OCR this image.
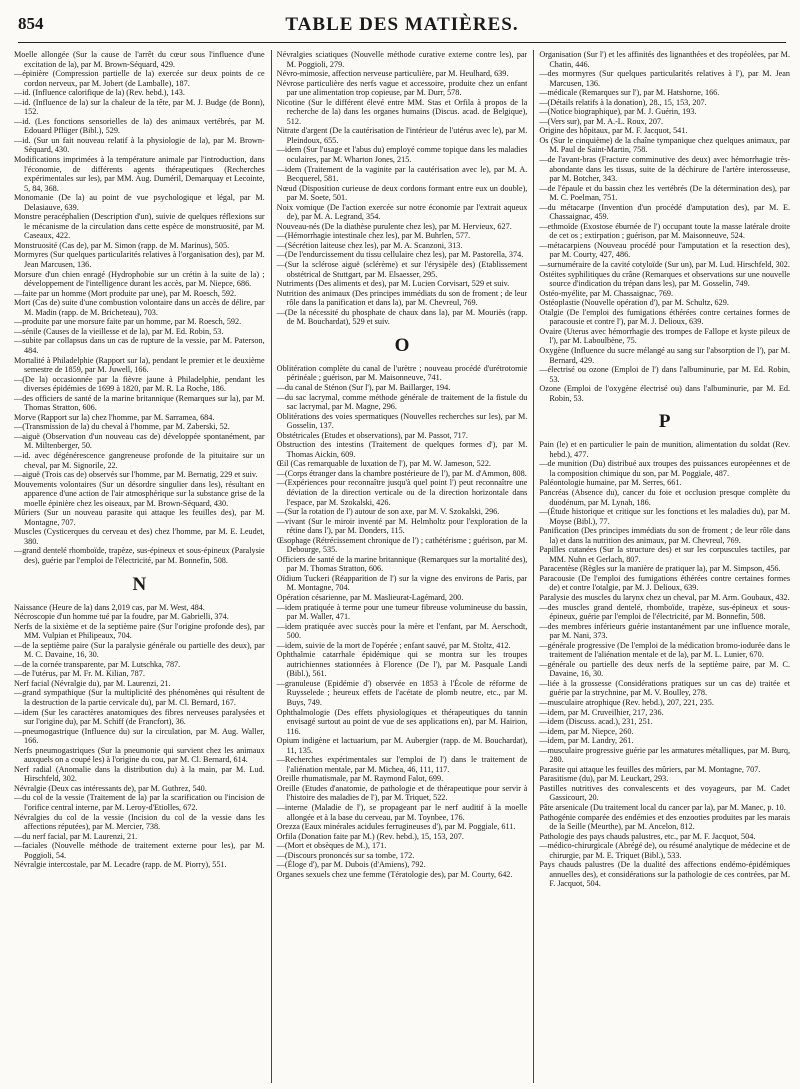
854	TABLE DES MATIÈRES.

Moelle allongée (Sur la cause de l'arrêt du cœur sous l'influence d'une excitation de la), par M. Brown-Séquard, 429.

—épinière (Compression partielle de la) exercée sur deux points de ce cordon nerveux, par M. Jobert (de Lamballe), 187.

—id. (Influence calorifique de la) (Rev. hebd.), 143.

—id. (Influence de la) sur la chaleur de la tête, par M. J. Budge (de Bonn), 152.

—id. (Les fonctions sensorielles de la) des animaux vertébrés, par M. Edouard Pflüger (Bibl.), 529.

—id. (Sur un fait nouveau relatif à la physiologie de la), par M. Brown-Séquard, 430.

Modifications imprimées à la température animale par l'introduction, dans l'économie, de différents agents thérapeutiques (Recherches expérimentales sur les), par MM. Aug. Duméril, Demarquay et Lecointe, 5, 84, 368.

Monomanie (De la) au point de vue psychologique et légal, par M. Delasiauve, 639.

Monstre peracéphalien (Description d'un), suivie de quelques réflexions sur le mécanisme de la circulation dans cette espèce de monstruosité, par M. Caseaux, 422.

Monstruosité (Cas de), par M. Simon (rapp. de M. Marinus), 505.

Mormyres (Sur quelques particularités relatives à l'organisation des), par M. Jean Marcusen, 136.

Morsure d'un chien enragé (Hydrophobie sur un crétin à la suite de la) ; développement de l'intelligence durant les accès, par M. Niepce, 686.

—faite par un homme (Mort produite par une), par M. Roesch, 592.

Mort (Cas de) suite d'une combustion volontaire dans un accès de délire, par M. Madin (rapp. de M. Bricheteau), 703.

—produite par une morsure faite par un homme, par M. Roesch, 592.

—sénile (Causes de la vieillesse et de la), par M. Ed. Robin, 53.

—subite par collapsus dans un cas de rupture de la vessie, par M. Paterson, 484.

Mortalité à Philadelphie (Rapport sur la), pendant le premier et le deuxième semestre de 1859, par M. Juwell, 166.

—(De la) occasionnée par la fièvre jaune à Philadelphie, pendant les diverses épidémies de 1699 à 1820, par M. R. La Roche, 186.

—des officiers de santé de la marine britannique (Remarques sur la), par M. Thomas Stratton, 606.

Morve (Rapport sur la) chez l'homme, par M. Sarramea, 684.

—(Transmission de la) du cheval à l'homme, par M. Zaberski, 52.

—aiguë (Observation d'un nouveau cas de) développée spontanément, par M. Miltenberger, 50.

—id. avec dégénérescence gangreneuse profonde de la pituitaire sur un cheval, par M. Signorile, 22.

—aiguë (Trois cas de) observés sur l'homme, par M. Bernatig, 229 et suiv.

Mouvements volontaires (Sur un désordre singulier dans les), résultant en apparence d'une action de l'air atmosphérique sur la substance grise de la moelle épinière chez les oiseaux, par M. Brown-Séquard, 430.

Mûriers (Sur un nouveau parasite qui attaque les feuilles des), par M. Montagne, 707.

Muscles (Cysticerques du cerveau et des) chez l'homme, par M. E. Leudet, 380.

—grand dentelé rhomboïde, trapèze, sus-épineux et sous-épineux (Paralysie des), guérie par l'emploi de l'électricité, par M. Bonnefin, 508.

N

Naissance (Heure de la) dans 2,019 cas, par M. West, 484.

Nécroscopie d'un homme tué par la foudre, par M. Gabrielli, 374.

Nerfs de la sixième et de la septième paire (Sur l'origine profonde des), par MM. Vulpian et Philipeaux, 704.

—de la septième paire (Sur la paralysie générale ou partielle des deux), par M. C. Davaine, 16, 30.

—de la cornée transparente, par M. Lutschka, 787.

—de l'utérus, par M. Fr. M. Kilian, 787.

Nerf facial (Névralgie du), par M. Laurenzi, 21.

—grand sympathique (Sur la multiplicité des phénomènes qui résultent de la destruction de la partie cervicale du), par M. Cl. Bernard, 167.

—idem (Sur les caractères anatomiques des fibres nerveuses paralysées et sur l'origine du), par M. Schiff (de Francfort), 36.

—pneumogastrique (Influence du) sur la circulation, par M. Aug. Waller, 166.

Nerfs pneumogastriques (Sur la pneumonie qui survient chez les animaux auxquels on a coupé les) à l'origine du cou, par M. Cl. Bernard, 614.

Nerf radial (Anomalie dans la distribution du) à la main, par M. Lud. Hirschfeld, 302.

Névralgie (Deux cas intéressants de), par M. Guthrez, 540.

—du col de la vessie (Traitement de la) par la scarification ou l'incision de l'orifice central interne, par M. Leroy-d'Etiolles, 672.

Névralgies du col de la vessie (Incision du col de la vessie dans les affections réputées), par M. Mercier, 738.

—du nerf facial, par M. Laurenzi, 21.

—faciales (Nouvelle méthode de traitement externe pour les), par M. Poggioli, 54.

Névralgie intercostale, par M. Lecadre (rapp. de M. Piorry), 551.

Névralgies sciatiques (Nouvelle méthode curative externe contre les), par M. Poggioli, 279.

Névro-mimosie, affection nerveuse particulière, par M. Heulhard, 639.

Névrose particulière des nerfs vague et accessoire, produite chez un enfant par une alimentation trop copieuse, par M. Durr, 578.

Nicotine (Sur le différent élevé entre MM. Stas et Orfila à propos de la recherche de la) dans les organes humains (Discus. acad. de Belgique), 512.

Nitrate d'argent (De la cautérisation de l'intérieur de l'utérus avec le), par M. Pleindoux, 655.

—idem (Sur l'usage et l'abus du) employé comme topique dans les maladies oculaires, par M. Wharton Jones, 215.

—idem (Traitement de la vaginite par la cautérisation avec le), par M. A. Becquerel, 581.

Nœud (Disposition curieuse de deux cordons formant entre eux un double), par M. Soete, 501.

Noix vomique (De l'action exercée sur notre économie par l'extrait aqueux de), par M. A. Legrand, 354.

Nouveau-nés (De la diathèse purulente chez les), par M. Hervieux, 627.

—(Hémorrhagie intestinale chez les), par M. Buhrlen, 577.

—(Sécrétion laiteuse chez les), par M. A. Scanzoni, 313.

—(De l'endurcissement du tissu cellulaire chez les), par M. Pastorella, 374.

—(Sur la sclérose aiguë (sclérème) et sur l'érysipèle des) (Etablissement obstétrical de Stuttgart, par M. Elsaesser, 295.

Nutriments (Des aliments et des), par M. Lucien Corvisart, 529 et suiv.

Nutrition des animaux (Des principes immédiats du son de froment ; de leur rôle dans la panification et dans la), par M. Chevreul, 769.

—(De la nécessité du phosphate de chaux dans la), par M. Mouriès (rapp. de M. Bouchardat), 529 et suiv.

O

Oblitération complète du canal de l'urètre ; nouveau procédé d'urétrotomie périnéale ; guérison, par M. Maisonneuve, 741.

—du canal de Sténon (Sur l'), par M. Baillarger, 194.

—du sac lacrymal, comme méthode générale de traitement de la fistule du sac lacrymal, par M. Magne, 296.

Oblitérations des voies spermatiques (Nouvelles recherches sur les), par M. Gosselin, 137.

Obstétricales (Etudes et observations), par M. Passot, 717.

Obstruction des intestins (Traitement de quelques formes d'), par M. Thomas Aickin, 609.

Œil (Cas remarquable de luxation de l'), par M. W. Jameson, 522.

—(Corps étranger dans la chambre postérieure de l'), par M. d'Ammon, 808.

—(Expériences pour reconnaître jusqu'à quel point l') peut reconnaître une déviation de la direction verticale ou de la direction horizontale dans l'espace, par M. Szokalski, 426.

—(Sur la rotation de l') autour de son axe, par M. V. Szokalski, 296.

—vivant (Sur le miroir inventé par M. Helmholtz pour l'exploration de la rétine dans l'), par M. Donders, 115.

Œsophage (Rétrécissement chronique de l') ; cathétérisme ; guérison, par M. Debourge, 535.

Officiers de santé de la marine britannique (Remarques sur la mortalité des), par M. Thomas Stratton, 606.

Oïdium Tuckeri (Réapparition de l') sur la vigne des environs de Paris, par M. Montagne, 704.

Opération césarienne, par M. Maslieurat-Lagémard, 200.

—idem pratiquée à terme pour une tumeur fibreuse volumineuse du bassin, par M. Waller, 471.

—idem pratiquée avec succès pour la mère et l'enfant, par M. Aerschodt, 500.

—idem, suivie de la mort de l'opérée ; enfant sauvé, par M. Stoltz, 412.

Ophthalmie catarrhale épidémique qui se montra sur les troupes autrichiennes stationnées à Florence (De l'), par M. Pasquale Landi (Bibl.), 561.

—granuleuse (Epidémie d') observée en 1853 à l'École de réforme de Ruysselede ; heureux effets de l'acétate de plomb neutre, etc., par M. Buys, 749.

Ophthalmologie (Des effets physiologiques et thérapeutiques du tannin envisagé surtout au point de vue de ses applications en), par M. Hairion, 116.

Opium indigène et lactuarium, par M. Aubergier (rapp. de M. Bouchardat), 11, 135.

—Recherches expérimentales sur l'emploi de l') dans le traitement de l'aliénation mentale, par M. Michea, 46, 111, 117.

Oreille rhumatismale, par M. Raymond Falot, 699.

Oreille (Etudes d'anatomie, de pathologie et de thérapeutique pour servir à l'histoire des maladies de l'), par M. Triquet, 522.

—interne (Maladie de l'), se propageant par le nerf auditif à la moelle allongée et à la base du cerveau, par M. Toynbee, 176.

Orezza (Eaux minérales acidules ferrugineuses d'), par M. Poggiale, 611.

Orfila (Donation faite par M.) (Rev. hebd.), 15, 153, 207.

—(Mort et obsèques de M.), 171.

—(Discours prononcés sur sa tombe, 172.

—(Éloge d'), par M. Dubois (d'Amiens), 792.

Organes sexuels chez une femme (Tératologie des), par M. Courty, 642.

Organisation (Sur l') et les affinités des lignanthées et des tropéolées, par M. Chatin, 446.

—des mormyres (Sur quelques particularités relatives à l'), par M. Jean Marcusen, 136.

—médicale (Remarques sur l'), par M. Hatshorne, 166.

—(Détails relatifs à la donation), 28., 15, 153, 207.

—(Notice biographique), par M. J. Guérin, 193.

—(Vers sur), par M. A.-L. Roux, 207.

Origine des hôpitaux, par M. F. Jacquot, 541.

Os (Sur le cinquième) de la chaîne tympanique chez quelques animaux, par M. Paul de Saint-Martin, 758.

—de l'avant-bras (Fracture comminutive des deux) avec hémorrhagie très-abondante dans les tissus, suite de la déchirure de l'artère interosseuse, par M. Botcher, 343.

—de l'épaule et du bassin chez les vertébrés (De la détermination des), par M. C. Poelman, 751.

—du métacarpe (Invention d'un procédé d'amputation des), par M. E. Chassaignac, 459.

—ethmoïde (Exostose éburnée de l') occupant toute la masse latérale droite de cet os ; extirpation ; guérison, par M. Maisonneuve, 524.

—métacarpiens (Nouveau procédé pour l'amputation et la resection des), par M. Courty, 427, 486.

—surnuméraire de la cavité cotyloïde (Sur un), par M. Lud. Hirschfeld, 302.

Ostéites syphilitiques du crâne (Remarques et observations sur une nouvelle source d'indication du trépan dans les), par M. Gosselin, 749.

Ostéo-myélite, par M. Chassaignac, 769.

Ostéoplastie (Nouvelle opération d'), par M. Schultz, 629.

Otalgie (De l'emploi des fumigations éthérées contre certaines formes de paracousie et contre l'), par M. J. Delioux, 639.

Ovaire (Uterus avec hémorrhagie des trompes de Fallope et kyste pileux de l'), par M. Laboulbène, 75.

Oxygène (Influence du sucre mélangé au sang sur l'absorption de l'), par M. Bernard, 429.

—électrisé ou ozone (Emploi de l') dans l'albuminurie, par M. Ed. Robin, 53.

Ozone (Emploi de l'oxygène électrisé ou) dans l'albuminurie, par M. Ed. Robin, 53.

P

Pain (le) et en particulier le pain de munition, alimentation du soldat (Rev. hebd.), 477.

—de munition (Du) distribué aux troupes des puissances européennes et de la composition chimique du son, par M. Poggiale, 487.

Paléontologie humaine, par M. Serres, 661.

Pancréas (Absence du), cancer du foie et occlusion presque complète du duodénum, par M. Lynah, 186.

—(Étude historique et critique sur les fonctions et les maladies du), par M. Moyse (Bibl.), 77.

Panification (Des principes immédiats du son de froment ; de leur rôle dans la) et dans la nutrition des animaux, par M. Chevreul, 769.

Papilles cutanées (Sur la structure des) et sur les corpuscules tactiles, par MM. Nuhn et Gerlach, 807.

Paracentèse (Règles sur la manière de pratiquer la), par M. Simpson, 456.

Paracousie (De l'emploi des fumigations éthérées contre certaines formes de) et contre l'otalgie, par M. J. Delioux, 639.

Paralysie des muscles du larynx chez un cheval, par M. Arm. Goubaux, 432.

—des muscles grand dentelé, rhomboïde, trapèze, sus-épineux et sous-épineux, guérie par l'emploi de l'électricité, par M. Bonnefin, 508.

—des membres inférieurs guérie instantanément par une influence morale, par M. Nani, 373.

—générale progressive (De l'emploi de la médication bromo-iodurée dans le traitement de l'aliénation mentale et de la), par M. L. Lunier, 670.

—générale ou partielle des deux nerfs de la septième paire, par M. C. Davaine, 16, 30.

—liée à la grossesse (Considérations pratiques sur un cas de) traitée et guérie par la strychnine, par M. V. Boulley, 278.

—musculaire atrophique (Rev. hebd.), 207, 221, 235.

—idem, par M. Cruveilhier, 217, 236.

—idem (Discuss. acad.), 231, 251.

—idem, par M. Niepce, 260.

—idem, par M. Landry, 261.

—musculaire progressive guérie par les armatures métalliques, par M. Burq, 280.

Parasite qui attaque les feuilles des mûriers, par M. Montagne, 707.

Parasitisme (du), par M. Leuckart, 293.

Pastilles nutritives des convalescents et des voyageurs, par M. Cadet Gassicourt, 20.

Pâte arsenicale (Du traitement local du cancer par la), par M. Manec, p. 10.

Pathogénie comparée des endémies et des enzooties produites par les marais de la Seille (Meurthe), par M. Ancelon, 812.

Pathologie des pays chauds palustres, etc., par M. F. Jacquot, 504.

—médico-chirurgicale (Abrégé de), ou résumé analytique de médecine et de chirurgie, par M. E. Triquet (Bibl.), 533.

Pays chauds palustres (De la dualité des affections endémo-épidémiques annuelles des), et considérations sur la pathologie de ces contrées, par M. F. Jacquot, 504.
